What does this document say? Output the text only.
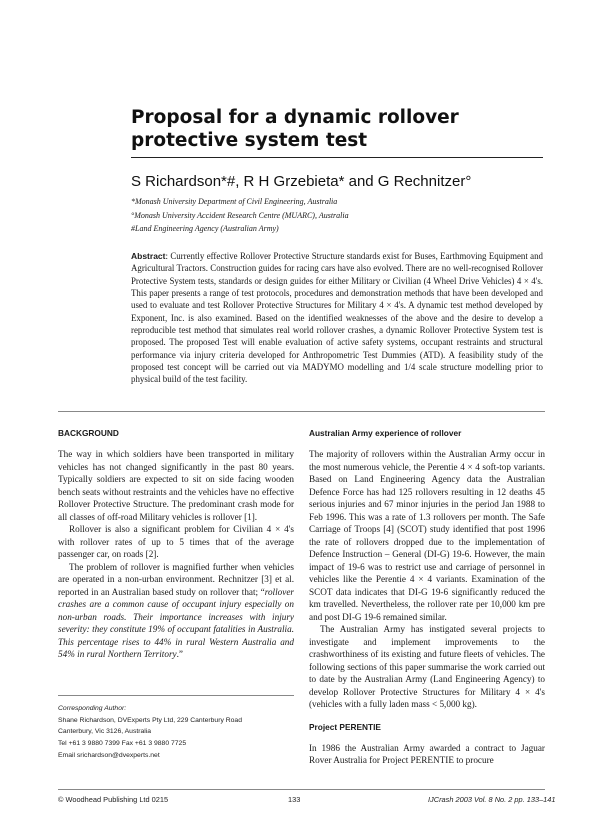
Proposal for a dynamic rollover protective system test

S Richardson*#, R H Grzebieta* and G Rechnitzer°

*Monash University Department of Civil Engineering, Australia
°Monash University Accident Research Centre (MUARC), Australia
#Land Engineering Agency (Australian Army)

Abstract: Currently effective Rollover Protective Structure standards exist for Buses, Earthmoving Equipment and Agricultural Tractors. Construction guides for racing cars have also evolved. There are no well-recognised Rollover Protective System tests, standards or design guides for either Military or Civilian (4 Wheel Drive Vehicles) 4 × 4's. This paper presents a range of test protocols, procedures and demonstration methods that have been developed and used to evaluate and test Rollover Protective Structures for Military 4 × 4's. A dynamic test method developed by Exponent, Inc. is also examined. Based on the identified weaknesses of the above and the desire to develop a reproducible test method that simulates real world rollover crashes, a dynamic Rollover Protective System test is proposed. The proposed Test will enable evaluation of active safety systems, occupant restraints and structural performance via injury criteria developed for Anthropometric Test Dummies (ATD). A feasibility study of the proposed test concept will be carried out via MADYMO modelling and 1/4 scale structure modelling prior to physical build of the test facility.

BACKGROUND

The way in which soldiers have been transported in military vehicles has not changed significantly in the past 80 years. Typically soldiers are expected to sit on side facing wooden bench seats without restraints and the vehicles have no effective Rollover Protective Structure. The predominant crash mode for all classes of off-road Military vehicles is rollover [1].

Rollover is also a significant problem for Civilian 4 × 4's with rollover rates of up to 5 times that of the average passenger car, on roads [2].

The problem of rollover is magnified further when vehicles are operated in a non-urban environment. Rechnitzer [3] et al. reported in an Australian based study on rollover that; “rollover crashes are a common cause of occupant injury especially on non-urban roads. Their importance increases with injury severity: they constitute 19% of occupant fatalities in Australia. This percentage rises to 44% in rural Western Australia and 54% in rural Northern Territory.”

Corresponding Author:
Shane Richardson, DVExperts Pty Ltd, 229 Canterbury Road
Canterbury, Vic 3126, Australia
Tel +61 3 9880 7399 Fax +61 3 9880 7725
Email srichardson@dvexperts.net
Australian Army experience of rollover

The majority of rollovers within the Australian Army occur in the most numerous vehicle, the Perentie 4 × 4 soft-top variants. Based on Land Engineering Agency data the Australian Defence Force has had 125 rollovers resulting in 12 deaths 45 serious injuries and 67 minor injuries in the period Jan 1988 to Feb 1996. This was a rate of 1.3 rollovers per month. The Safe Carriage of Troops [4] (SCOT) study identified that post 1996 the rate of rollovers dropped due to the implementation of Defence Instruction – General (DI-G) 19-6. However, the main impact of 19-6 was to restrict use and carriage of personnel in vehicles like the Perentie 4 × 4 variants. Examination of the SCOT data indicates that DI-G 19-6 significantly reduced the km travelled. Nevertheless, the rollover rate per 10,000 km pre and post DI-G 19-6 remained similar.

The Australian Army has instigated several projects to investigate and implement improvements to the crashworthiness of its existing and future fleets of vehicles. The following sections of this paper summarise the work carried out to date by the Australian Army (Land Engineering Agency) to develop Rollover Protective Structures for Military 4 × 4's (vehicles with a fully laden mass < 5,000 kg).

Project PERENTIE

In 1986 the Australian Army awarded a contract to Jaguar Rover Australia for Project PERENTIE to procure

© Woodhead Publishing Ltd 0215	133	IJCrash 2003 Vol. 8 No. 2 pp. 133–141
